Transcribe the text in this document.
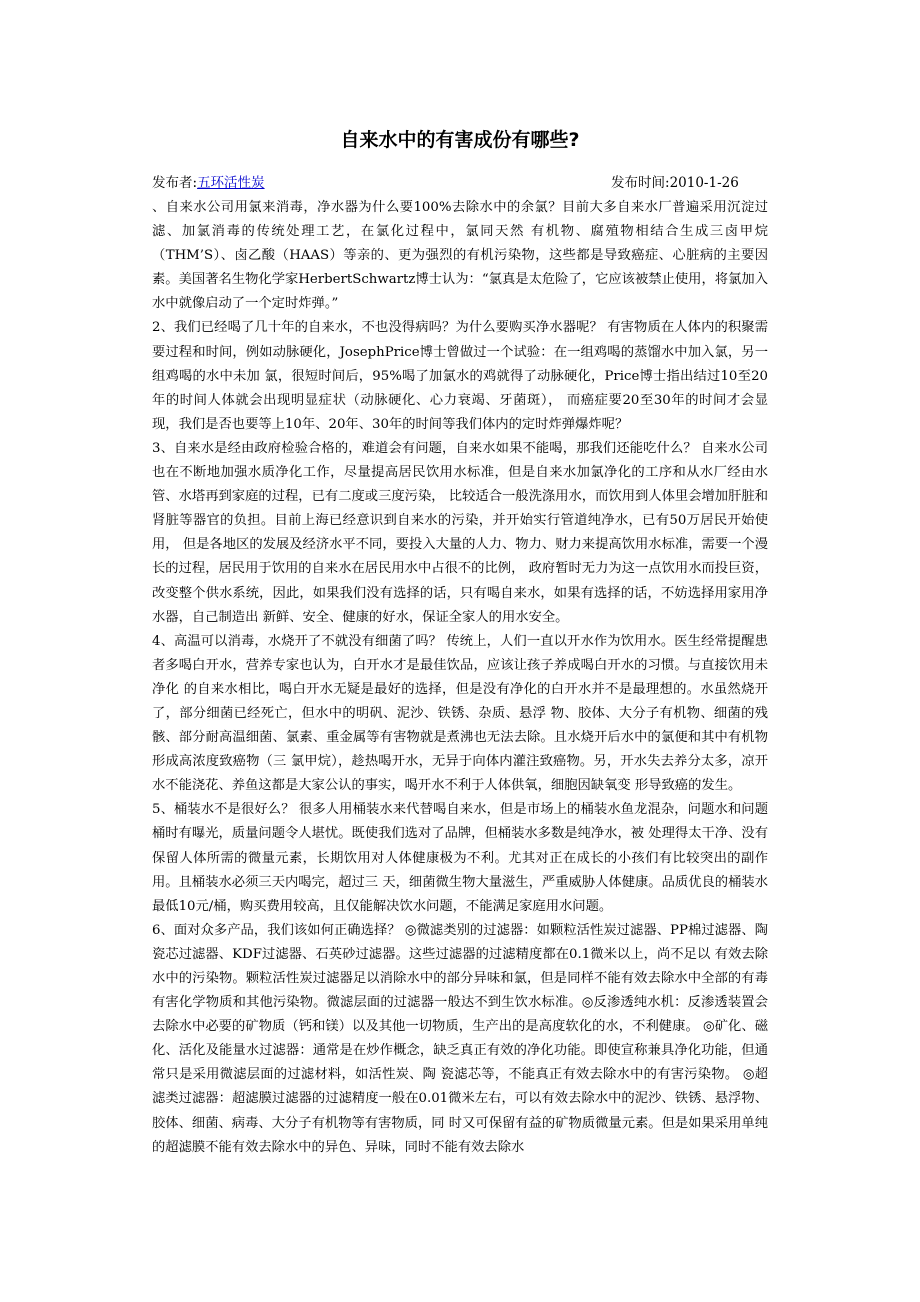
自来水中的有害成份有哪些?
发布者:五环活性炭	发布时间:2010-1-26

、自来水公司用氯来消毒，净水器为什么要100%去除水中的余氯？目前大多自来水厂普遍采用沉淀过滤、加氯消毒的传统处理工艺，在氯化过程中，氯同天然 有机物、腐殖物相结合生成三卤甲烷（THM’S）、卤乙酸（HAAS）等亲的、更为强烈的有机污染物，这些都是导致癌症、心脏病的主要因素。美国著名生物化学家HerbertSchwartz博士认为：“氯真是太危险了，它应该被禁止使用，将氯加入水中就像启动了一个定时炸弹。”

2、我们已经喝了几十年的自来水，不也没得病吗？为什么要购买净水器呢？ 有害物质在人体内的积聚需要过程和时间，例如动脉硬化，JosephPrice博士曾做过一个试验：在一组鸡喝的蒸馏水中加入氯，另一组鸡喝的水中未加 氯，很短时间后，95%喝了加氯水的鸡就得了动脉硬化，Price博士指出结过10至20年的时间人体就会出现明显症状（动脉硬化、心力衰竭、牙菌斑）， 而癌症要20至30年的时间才会显现，我们是否也要等上10年、20年、30年的时间等我们体内的定时炸弹爆炸呢？

3、自来水是经由政府检验合格的，难道会有问题，自来水如果不能喝，那我们还能吃什么？ 自来水公司也在不断地加强水质净化工作，尽量提高居民饮用水标准，但是自来水加氯净化的工序和从水厂经由水管、水塔再到家庭的过程，已有二度或三度污染， 比较适合一般洗涤用水，而饮用到人体里会增加肝脏和肾脏等器官的负担。目前上海已经意识到自来水的污染，并开始实行管道纯净水，已有50万居民开始使用， 但是各地区的发展及经济水平不同，要投入大量的人力、物力、财力来提高饮用水标准，需要一个漫长的过程，居民用于饮用的自来水在居民用水中占很不的比例， 政府暂时无力为这一点饮用水而投巨资，改变整个供水系统，因此，如果我们没有选择的话，只有喝自来水，如果有选择的话，不妨选择用家用净水器，自己制造出 新鲜、安全、健康的好水，保证全家人的用水安全。

4、高温可以消毒，水烧开了不就没有细菌了吗？ 传统上，人们一直以开水作为饮用水。医生经常提醒患者多喝白开水，营养专家也认为，白开水才是最佳饮品，应该让孩子养成喝白开水的习惯。与直接饮用未净化 的自来水相比，喝白开水无疑是最好的选择，但是没有净化的白开水并不是最理想的。水虽然烧开了，部分细菌已经死亡，但水中的明矾、泥沙、铁锈、杂质、悬浮 物、胶体、大分子有机物、细菌的残骸、部分耐高温细菌、氯素、重金属等有害物就是煮沸也无法去除。且水烧开后水中的氯便和其中有机物形成高浓度致癌物（三 氯甲烷），趁热喝开水，无异于向体内灌注致癌物。另，开水失去养分太多，凉开水不能浇花、养鱼这都是大家公认的事实，喝开水不利于人体供氧，细胞因缺氧变 形导致癌的发生。

5、桶装水不是很好么？ 很多人用桶装水来代替喝自来水，但是市场上的桶装水鱼龙混杂，问题水和问题桶时有曝光，质量问题令人堪忧。既使我们选对了品牌，但桶装水多数是纯净水，被 处理得太干净、没有保留人体所需的微量元素，长期饮用对人体健康极为不利。尤其对正在成长的小孩们有比较突出的副作用。且桶装水必须三天内喝完，超过三 天，细菌微生物大量滋生，严重威胁人体健康。品质优良的桶装水最低10元/桶，购买费用较高，且仅能解决饮水问题，不能满足家庭用水问题。

6、面对众多产品，我们该如何正确选择？ ◎微滤类别的过滤器：如颗粒活性炭过滤器、PP棉过滤器、陶瓷芯过滤器、KDF过滤器、石英砂过滤器。这些过滤器的过滤精度都在0.1微米以上，尚不足以 有效去除水中的污染物。颗粒活性炭过滤器足以消除水中的部分异味和氯，但是同样不能有效去除水中全部的有毒有害化学物质和其他污染物。微滤层面的过滤器一般达不到生饮水标准。◎反渗透纯水机：反渗透装置会去除水中必要的矿物质（钙和镁）以及其他一切物质，生产出的是高度软化的水，不利健康。 ◎矿化、磁化、活化及能量水过滤器：通常是在炒作概念，缺乏真正有效的净化功能。即使宣称兼具净化功能，但通常只是采用微滤层面的过滤材料，如活性炭、陶 瓷滤芯等，不能真正有效去除水中的有害污染物。 ◎超滤类过滤器：超滤膜过滤器的过滤精度一般在0.01微米左右，可以有效去除水中的泥沙、铁锈、悬浮物、胶体、细菌、病毒、大分子有机物等有害物质，同 时又可保留有益的矿物质微量元素。但是如果采用单纯的超滤膜不能有效去除水中的异色、异味，同时不能有效去除水
